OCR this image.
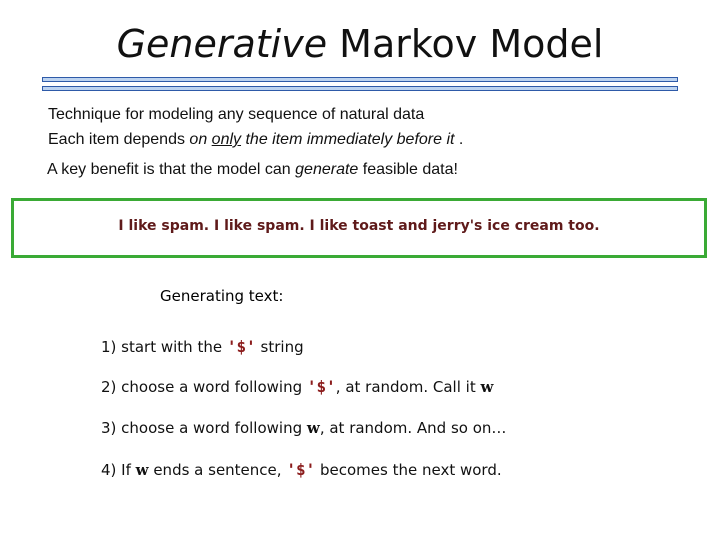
Generative Markov Model
Technique for modeling any sequence of natural data
Each item depends on only the item immediately before it .
A key benefit is that the model can generate feasible data!
I like spam. I like spam. I like toast and jerry's ice cream too.
Generating text:
1) start with the '$' string
2) choose a word following '$', at random. Call it w
3) choose a word following w, at random. And so on…
4) If w ends a sentence, '$' becomes the next word.
